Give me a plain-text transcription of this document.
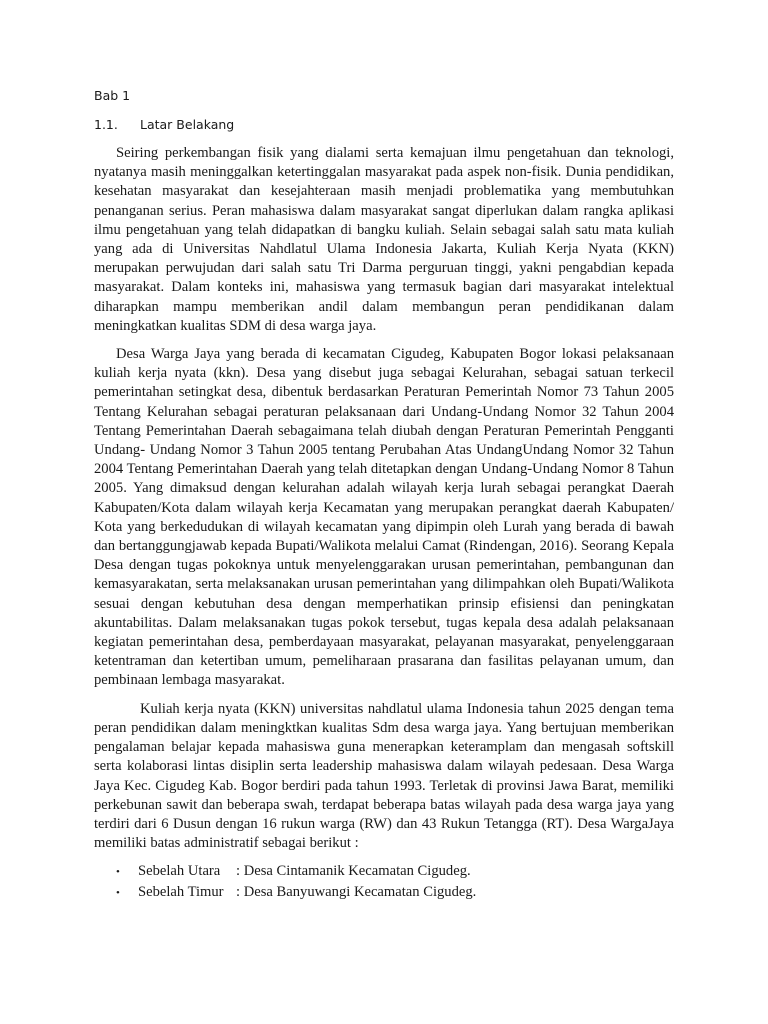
Bab 1
1.1.	Latar Belakang

Seiring perkembangan fisik yang dialami serta kemajuan ilmu pengetahuan dan teknologi, nyatanya masih meninggalkan ketertinggalan masyarakat pada aspek non-fisik. Dunia pendidikan, kesehatan masyarakat dan kesejahteraan masih menjadi problematika yang membutuhkan penanganan serius. Peran mahasiswa dalam masyarakat sangat diperlukan dalam rangka aplikasi ilmu pengetahuan yang telah didapatkan di bangku kuliah. Selain sebagai salah satu mata kuliah yang ada di Universitas Nahdlatul Ulama Indonesia Jakarta, Kuliah Kerja Nyata (KKN) merupakan perwujudan dari salah satu Tri Darma perguruan tinggi, yakni pengabdian kepada masyarakat. Dalam konteks ini, mahasiswa yang termasuk bagian dari masyarakat intelektual diharapkan mampu memberikan andil dalam membangun peran pendidikanan dalam meningkatkan kualitas SDM di desa warga jaya.

Desa Warga Jaya yang berada di kecamatan Cigudeg, Kabupaten Bogor lokasi pelaksanaan kuliah kerja nyata (kkn). Desa yang disebut juga sebagai Kelurahan, sebagai satuan terkecil pemerintahan setingkat desa, dibentuk berdasarkan Peraturan Pemerintah Nomor 73 Tahun 2005 Tentang Kelurahan sebagai peraturan pelaksanaan dari Undang-Undang Nomor 32 Tahun 2004 Tentang Pemerintahan Daerah sebagaimana telah diubah dengan Peraturan Pemerintah Pengganti Undang- Undang Nomor 3 Tahun 2005 tentang Perubahan Atas UndangUndang Nomor 32 Tahun 2004 Tentang Pemerintahan Daerah yang telah ditetapkan dengan Undang-Undang Nomor 8 Tahun 2005. Yang dimaksud dengan kelurahan adalah wilayah kerja lurah sebagai perangkat Daerah Kabupaten/Kota dalam wilayah kerja Kecamatan yang merupakan perangkat daerah Kabupaten/ Kota yang berkedudukan di wilayah kecamatan yang dipimpin oleh Lurah yang berada di bawah dan bertanggungjawab kepada Bupati/Walikota melalui Camat (Rindengan, 2016). Seorang Kepala Desa dengan tugas pokoknya untuk menyelenggarakan urusan pemerintahan, pembangunan dan kemasyarakatan, serta melaksanakan urusan pemerintahan yang dilimpahkan oleh Bupati/Walikota sesuai dengan kebutuhan desa dengan memperhatikan prinsip efisiensi dan peningkatan akuntabilitas. Dalam melaksanakan tugas pokok tersebut, tugas kepala desa adalah pelaksanaan kegiatan pemerintahan desa, pemberdayaan masyarakat, pelayanan masyarakat, penyelenggaraan ketentraman dan ketertiban umum, pemeliharaan prasarana dan fasilitas pelayanan umum, dan pembinaan lembaga masyarakat.

Kuliah kerja nyata (KKN) universitas nahdlatul ulama Indonesia tahun 2025 dengan tema peran pendidikan dalam meningktkan kualitas Sdm desa warga jaya. Yang bertujuan memberikan pengalaman belajar kepada mahasiswa guna menerapkan keteramplam dan mengasah softskill serta kolaborasi lintas disiplin serta leadership mahasiswa dalam wilayah pedesaan. Desa Warga Jaya Kec. Cigudeg Kab. Bogor berdiri pada tahun 1993. Terletak di provinsi Jawa Barat, memiliki perkebunan sawit dan beberapa swah, terdapat beberapa batas wilayah pada desa warga jaya yang terdiri dari 6 Dusun dengan 16 rukun warga (RW) dan 43 Rukun Tetangga (RT). Desa WargaJaya memiliki batas administratif sebagai berikut :

•	Sebelah Utara	: Desa Cintamanik Kecamatan Cigudeg.
•	Sebelah Timur : Desa Banyuwangi Kecamatan Cigudeg.
